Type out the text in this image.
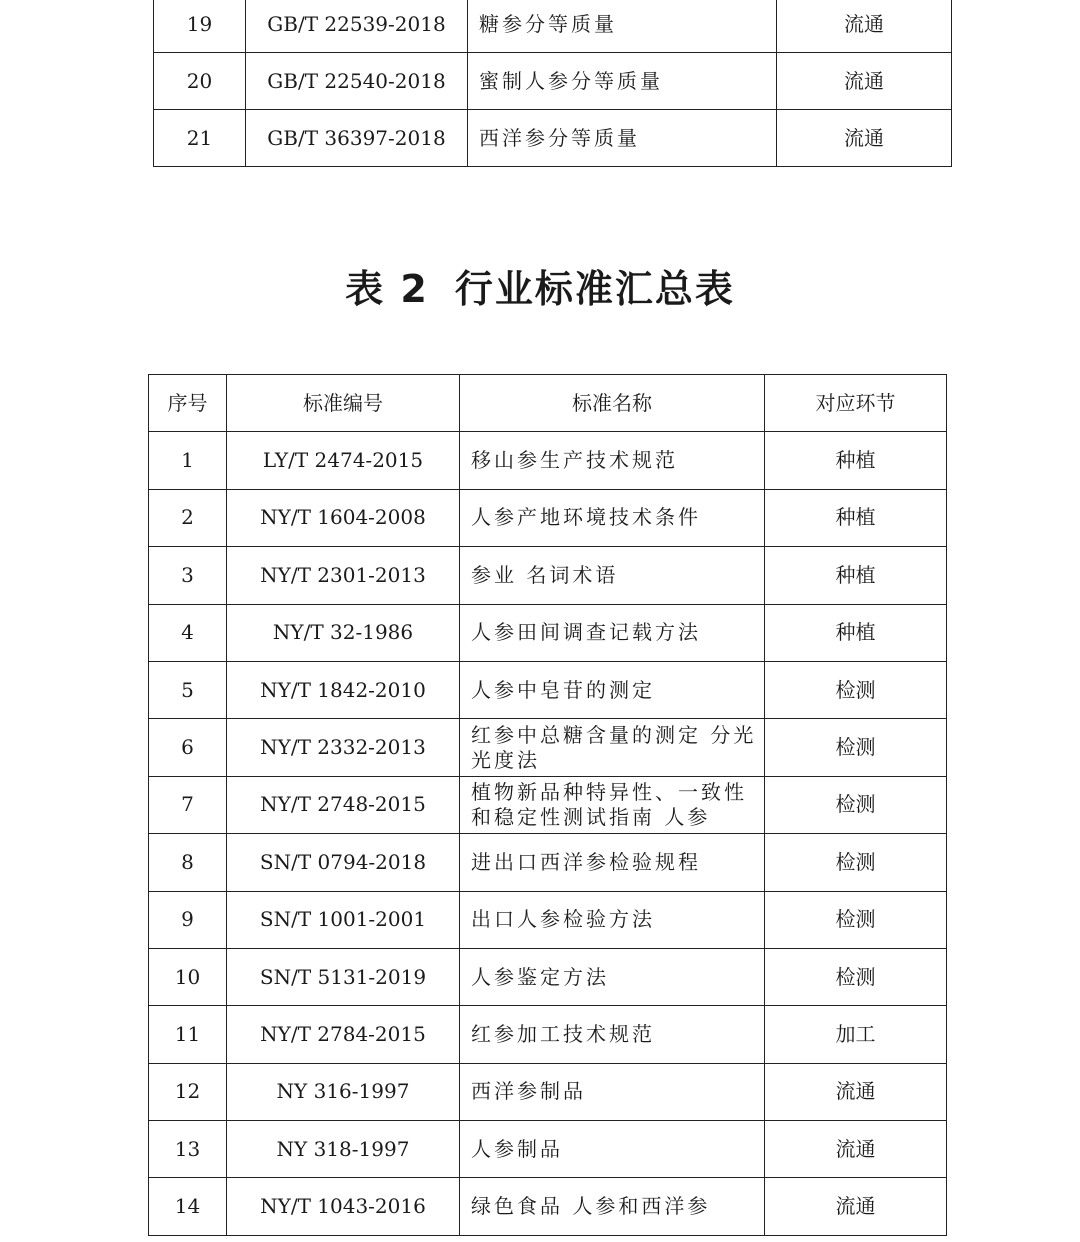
19	GB/T 22539-2018	糖参分等质量	流通
20	GB/T 22540-2018	蜜制人参分等质量	流通
21	GB/T 36397-2018	西洋参分等质量	流通
表 2 行业标准汇总表
序号	标准编号	标准名称	对应环节
1	LY/T 2474-2015	移山参生产技术规范	种植
2	NY/T 1604-2008	人参产地环境技术条件	种植
3	NY/T 2301-2013	参业 名词术语	种植
4	NY/T 32-1986	人参田间调查记载方法	种植
5	NY/T 1842-2010	人参中皂苷的测定	检测
6	NY/T 2332-2013	红参中总糖含量的测定 分光光度法	检测
7	NY/T 2748-2015	植物新品种特异性、一致性和稳定性测试指南 人参	检测
8	SN/T 0794-2018	进出口西洋参检验规程	检测
9	SN/T 1001-2001	出口人参检验方法	检测
10	SN/T 5131-2019	人参鉴定方法	检测
11	NY/T 2784-2015	红参加工技术规范	加工
12	NY 316-1997	西洋参制品	流通
13	NY 318-1997	人参制品	流通
14	NY/T 1043-2016	绿色食品 人参和西洋参	流通
